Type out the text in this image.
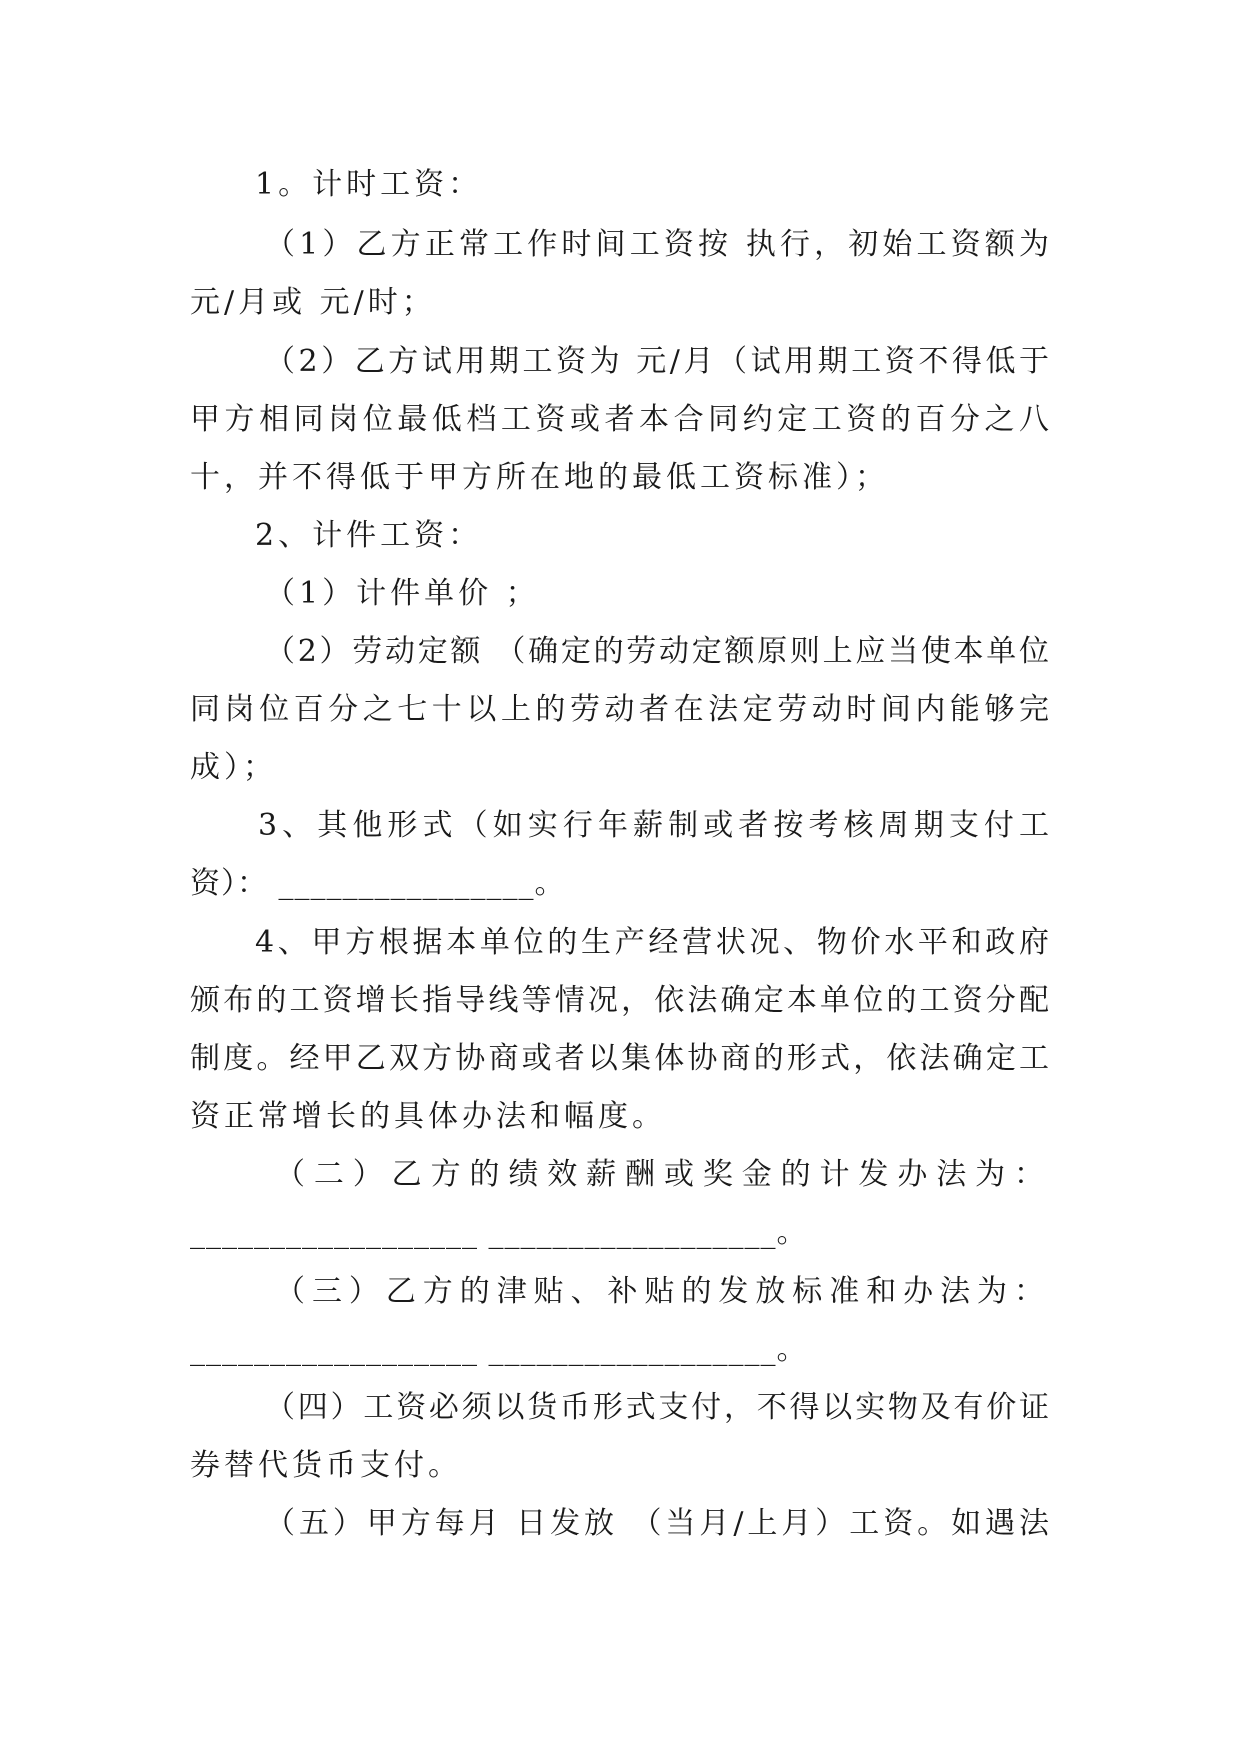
1。计时工资：
（1）乙方正常工作时间工资按 执行，初始工资额为
元/月或 元/时；
（2）乙方试用期工资为 元/月（试用期工资不得低于
甲方相同岗位最低档工资或者本合同约定工资的百分之八
十，并不得低于甲方所在地的最低工资标准）；
2、计件工资：
（1）计件单价 ；
（2）劳动定额 （确定的劳动定额原则上应当使本单位
同岗位百分之七十以上的劳动者在法定劳动时间内能够完
成）；
3、其他形式（如实行年薪制或者按考核周期支付工
资）： ________________。
4、甲方根据本单位的生产经营状况、物价水平和政府
颁布的工资增长指导线等情况，依法确定本单位的工资分配
制度。经甲乙双方协商或者以集体协商的形式，依法确定工
资正常增长的具体办法和幅度。
（二）乙方的绩效薪酬或奖金的计发办法为：
__________________ __________________。
（三）乙方的津贴、补贴的发放标准和办法为：
__________________ __________________。
（四）工资必须以货币形式支付，不得以实物及有价证
券替代货币支付。
（五）甲方每月 日发放 （当月/上月）工资。如遇法
